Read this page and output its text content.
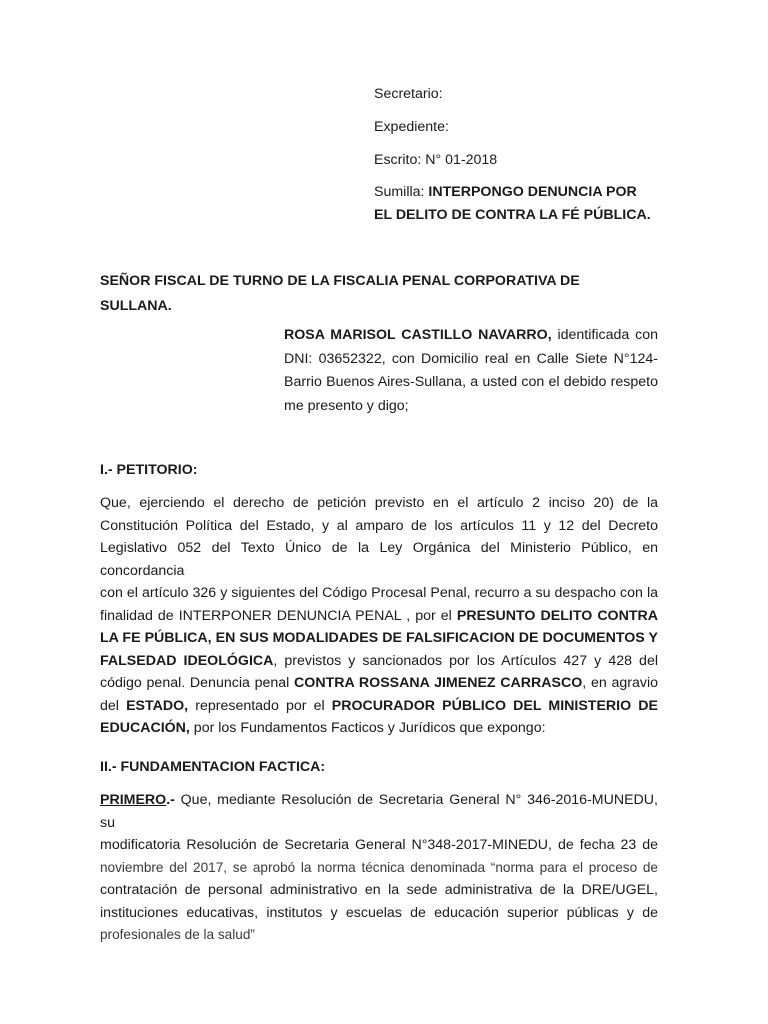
Secretario:
Expediente:
Escrito: N° 01-2018
Sumilla: INTERPONGO DENUNCIA POR
EL DELITO DE CONTRA LA FÉ PÚBLICA.
SEÑOR FISCAL DE TURNO DE LA FISCALIA PENAL CORPORATIVA DE
SULLANA.
ROSA MARISOL CASTILLO NAVARRO, identificada con
DNI: 03652322, con Domicilio real en Calle Siete N°124-
Barrio Buenos Aires-Sullana, a usted con el debido respeto
me presento y digo;
I.- PETITORIO:
Que, ejerciendo el derecho de petición previsto en el artículo 2 inciso 20) de la
Constitución Política del Estado, y al amparo de los artículos 11 y 12 del Decreto
Legislativo 052 del Texto Único de la Ley Orgánica del Ministerio Público, en concordancia
con el artículo 326 y siguientes del Código Procesal Penal, recurro a su despacho con la
finalidad de INTERPONER DENUNCIA PENAL , por el PRESUNTO DELITO CONTRA
LA FE PÚBLICA, EN SUS MODALIDADES DE FALSIFICACION DE DOCUMENTOS Y
FALSEDAD IDEOLÓGICA, previstos y sancionados por los Artículos 427 y 428 del
código penal. Denuncia penal CONTRA ROSSANA JIMENEZ CARRASCO, en agravio
del ESTADO, representado por el PROCURADOR PÚBLICO DEL MINISTERIO DE
EDUCACIÓN, por los Fundamentos Facticos y Jurídicos que expongo:
II.- FUNDAMENTACION FACTICA:
PRIMERO.- Que, mediante Resolución de Secretaria General N° 346-2016-MUNEDU, su
modificatoria Resolución de Secretaria General N°348-2017-MINEDU, de fecha 23 de
noviembre del 2017, se aprobó la norma técnica denominada “norma para el proceso de
contratación de personal administrativo en la sede administrativa de la DRE/UGEL,
instituciones educativas, institutos y escuelas de educación superior públicas y de
profesionales de la salud”
